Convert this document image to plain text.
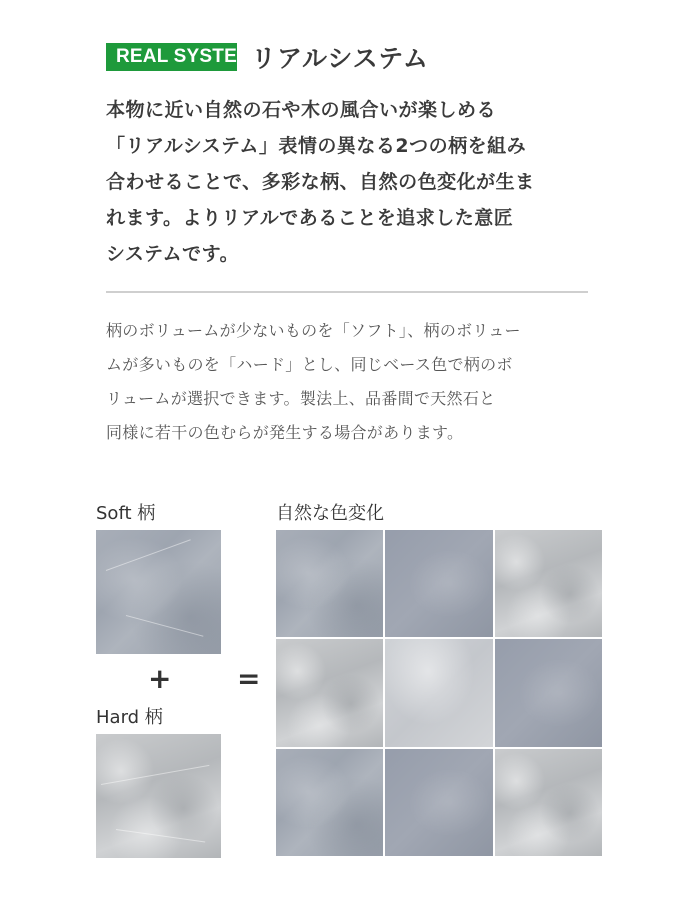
REAL SYSTEM
リアルシステム
本物に近い自然の石や木の風合いが楽しめる
「リアルシステム」表情の異なる2つの柄を組み
合わせることで、多彩な柄、自然の色変化が生ま
れます。よりリアルであることを追求した意匠
システムです。
柄のボリュームが少ないものを「ソフト」、柄のボリュー
ムが多いものを「ハード」とし、同じベース色で柄のボ
リュームが選択できます。製法上、品番間で天然石と
同様に若干の色むらが発生する場合があります。
Soft 柄
+ =
Hard 柄
自然な色変化
